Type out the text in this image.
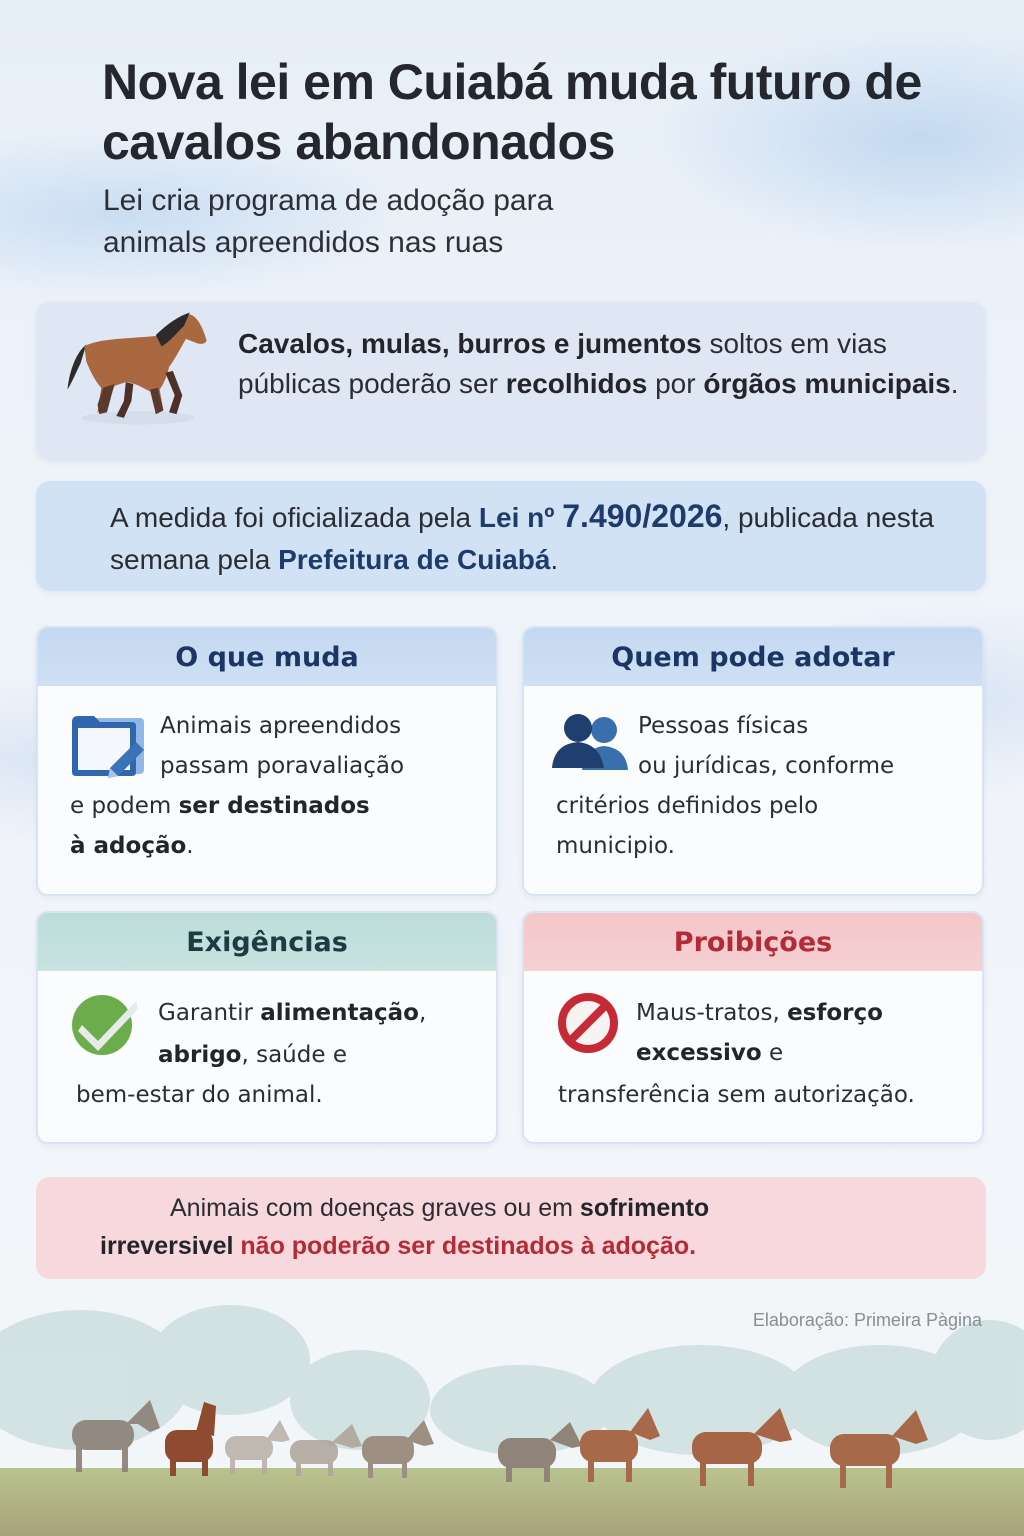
Nova lei em Cuiabá muda futuro de cavalos abandonados
Lei cria programa de adoção para
animals apreendidos nas ruas
Cavalos, mulas, burros e jumentos soltos em vias públicas poderão ser recolhidos por órgãos municipais.
A medida foi oficializada pela Lei nº 7.490/2026, publicada nesta semana pela Prefeitura de Cuiabá.
O que muda
Animais apreendidos
passam poravaliação
e podem ser destinados
à adoção.
Quem pode adotar
Pessoas físicas
ou jurídicas, conforme
critérios definidos pelo
municipio.
Exigências
Garantir alimentação,
abrigo, saúde e
bem-estar do animal.
Proibições
Maus-tratos, esforço
excessivo e
transferência sem autorização.
Animais com doenças graves ou em sofrimento
irreversivel não poderão ser destinados à adoção.
Elaboração: Primeira Pàgina
